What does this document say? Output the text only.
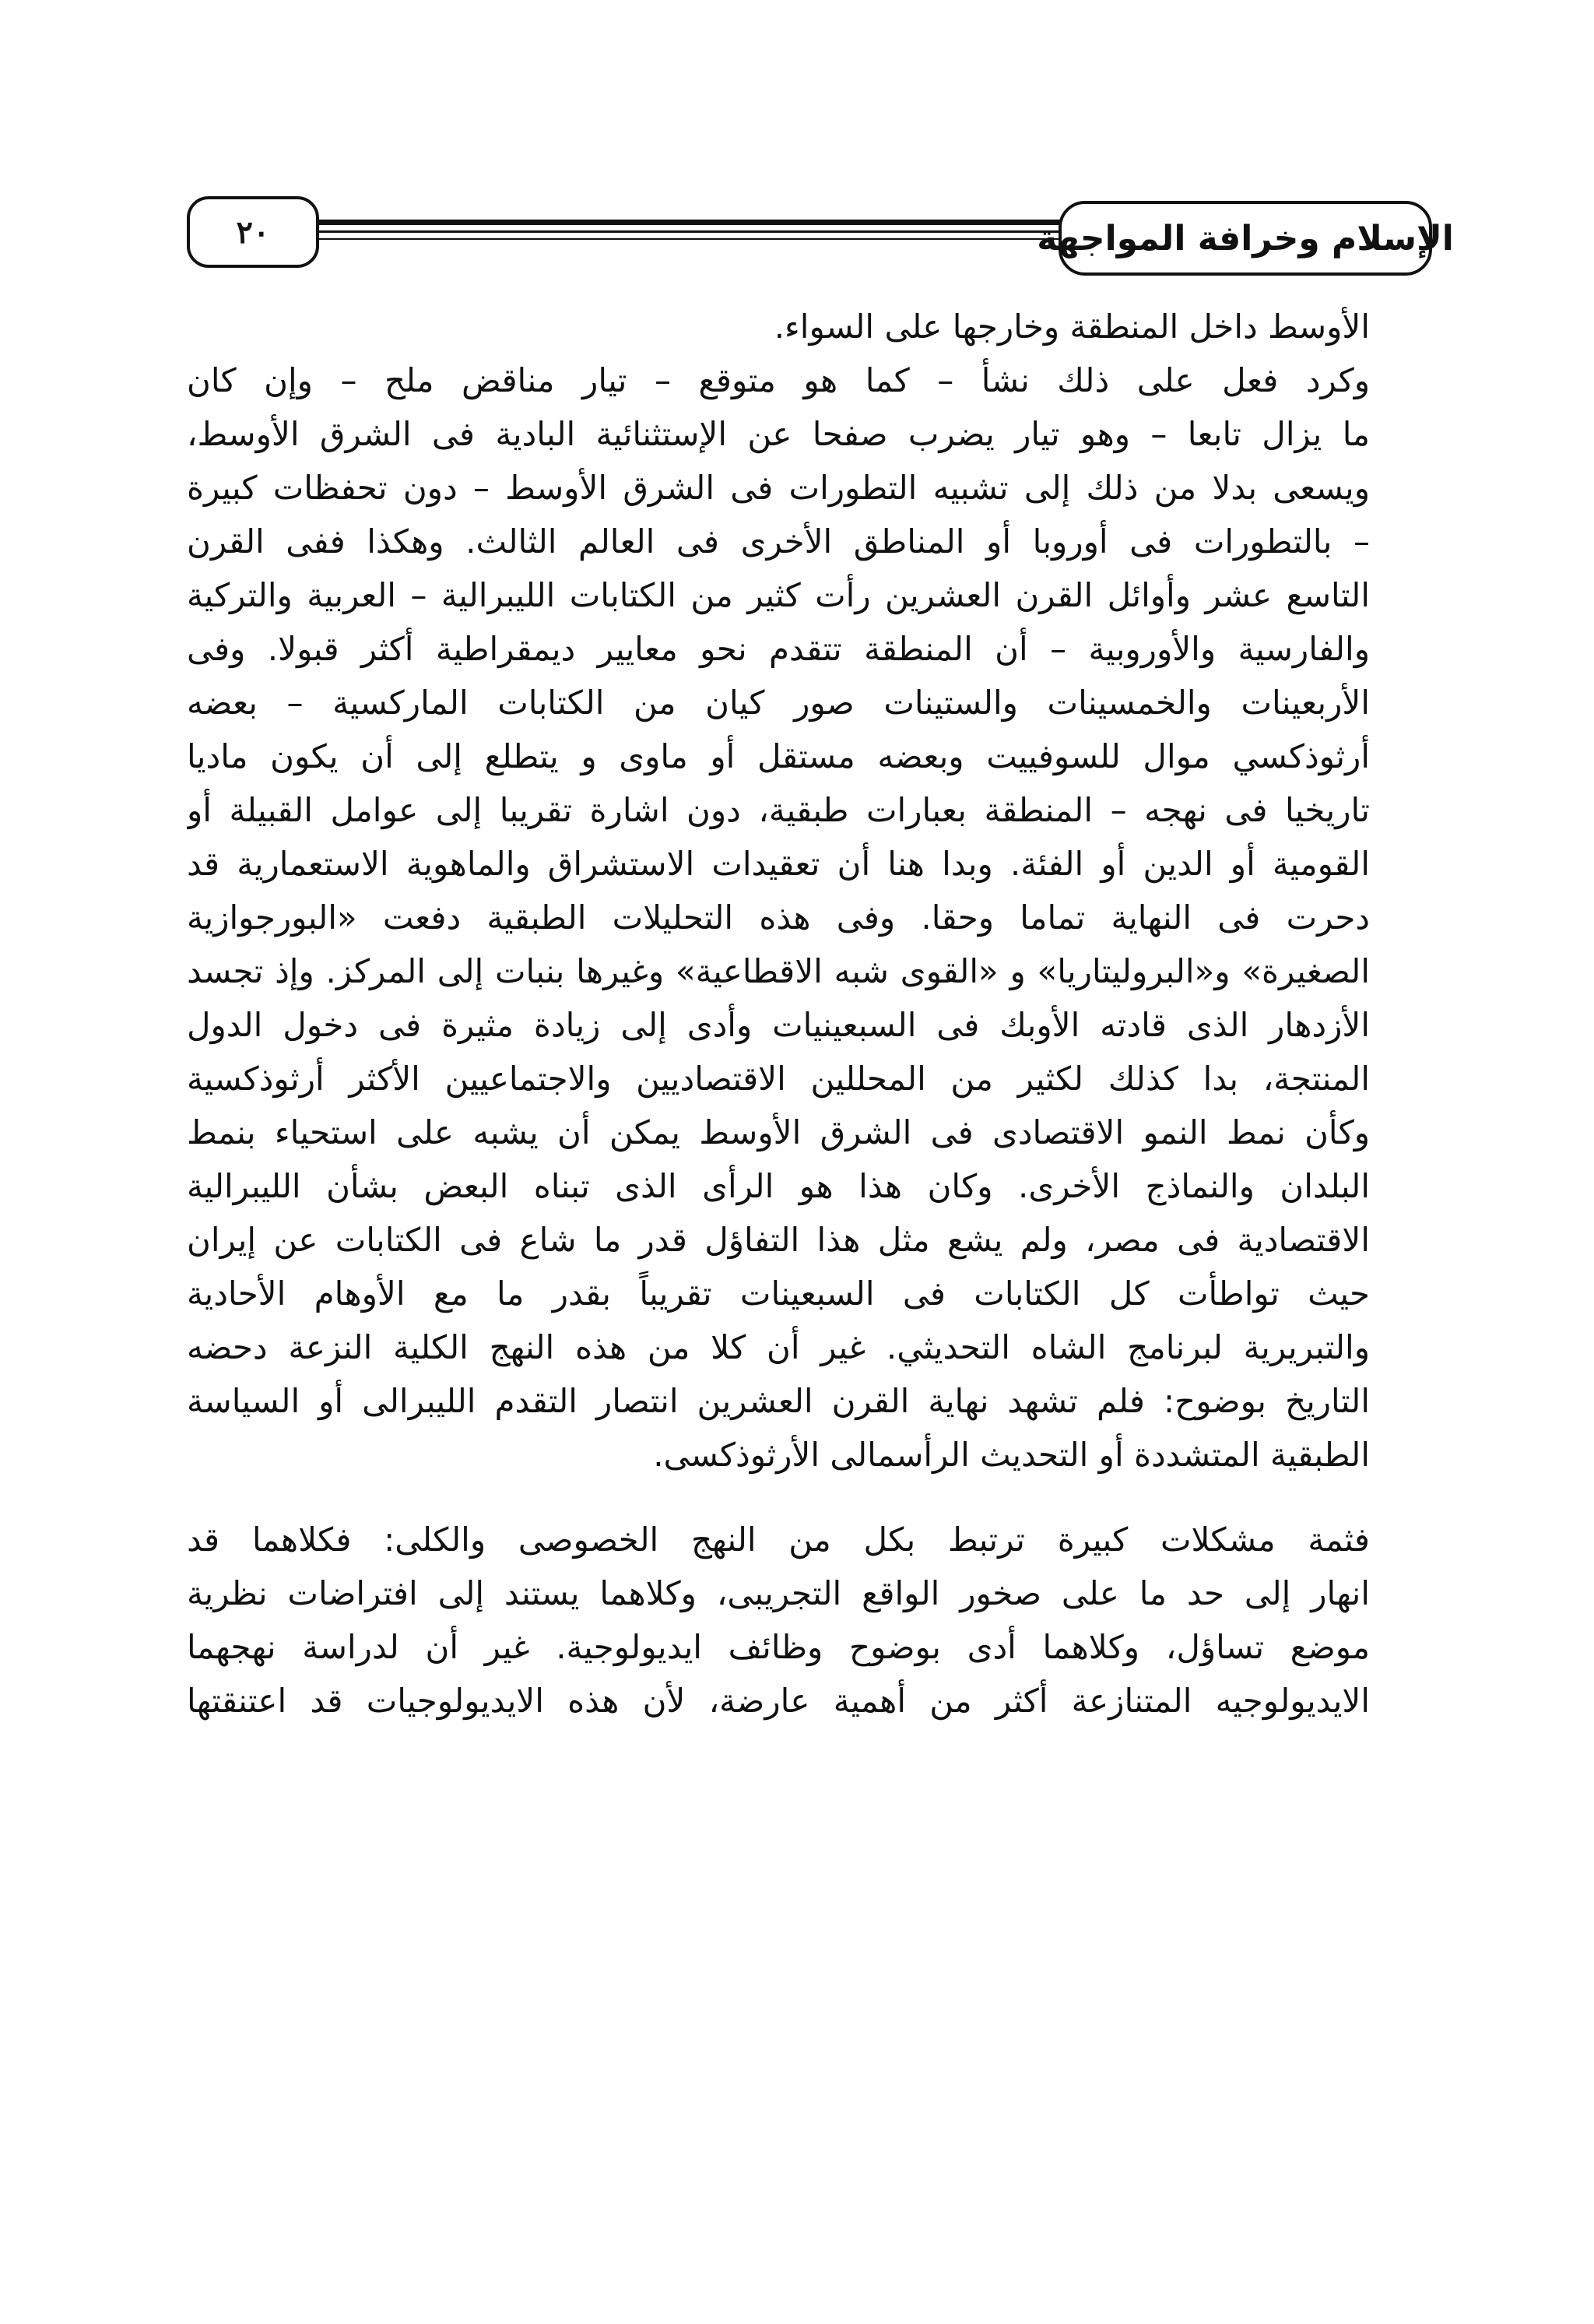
٢٠	الإسلام وخرافة المواجهة
الأوسط داخل المنطقة وخارجها على السواء.
وكرد فعل على ذلك نشأ – كما هو متوقع – تيار مناقض ملح – وإن كان
ما يزال تابعا – وهو تيار يضرب صفحا عن الإستثنائية البادية فى الشرق الأوسط،
ويسعى بدلا من ذلك إلى تشبيه التطورات فى الشرق الأوسط – دون تحفظات كبيرة
– بالتطورات فى أوروبا أو المناطق الأخرى فى العالم الثالث. وهكذا ففى القرن
التاسع عشر وأوائل القرن العشرين رأت كثير من الكتابات الليبرالية – العربية والتركية
والفارسية والأوروبية – أن المنطقة تتقدم نحو معايير ديمقراطية أكثر قبولا. وفى
الأربعينات والخمسينات والستينات صور كيان من الكتابات الماركسية – بعضه
أرثوذكسي موال للسوفييت وبعضه مستقل أو ماوى و يتطلع إلى أن يكون ماديا
تاريخيا فى نهجه – المنطقة بعبارات طبقية، دون اشارة تقريبا إلى عوامل القبيلة أو
القومية أو الدين أو الفئة. وبدا هنا أن تعقيدات الاستشراق والماهوية الاستعمارية قد
دحرت فى النهاية تماما وحقا. وفى هذه التحليلات الطبقية دفعت «البورجوازية
الصغيرة» و«البروليتاريا» و «القوى شبه الاقطاعية» وغيرها بنبات إلى المركز. وإذ تجسد
الأزدهار الذى قادته الأوبك فى السبعينيات وأدى إلى زيادة مثيرة فى دخول الدول
المنتجة، بدا كذلك لكثير من المحللين الاقتصاديين والاجتماعيين الأكثر أرثوذكسية
وكأن نمط النمو الاقتصادى فى الشرق الأوسط يمكن أن يشبه على استحياء بنمط
البلدان والنماذج الأخرى. وكان هذا هو الرأى الذى تبناه البعض بشأن الليبرالية
الاقتصادية فى مصر، ولم يشع مثل هذا التفاؤل قدر ما شاع فى الكتابات عن إيران
حيث تواطأت كل الكتابات فى السبعينات تقريباً بقدر ما مع الأوهام الأحادية
والتبريرية لبرنامج الشاه التحديثي. غير أن كلا من هذه النهج الكلية النزعة دحضه
التاريخ بوضوح: فلم تشهد نهاية القرن العشرين انتصار التقدم الليبرالى أو السياسة
الطبقية المتشددة أو التحديث الرأسمالى الأرثوذكسى.
فثمة مشكلات كبيرة ترتبط بكل من النهج الخصوصى والكلى: فكلاهما قد
انهار إلى حد ما على صخور الواقع التجريبى، وكلاهما يستند إلى افتراضات نظرية
موضع تساؤل، وكلاهما أدى بوضوح وظائف ايديولوجية. غير أن لدراسة نهجهما
الايديولوجيه المتنازعة أكثر من أهمية عارضة، لأن هذه الايديولوجيات قد اعتنقتها
